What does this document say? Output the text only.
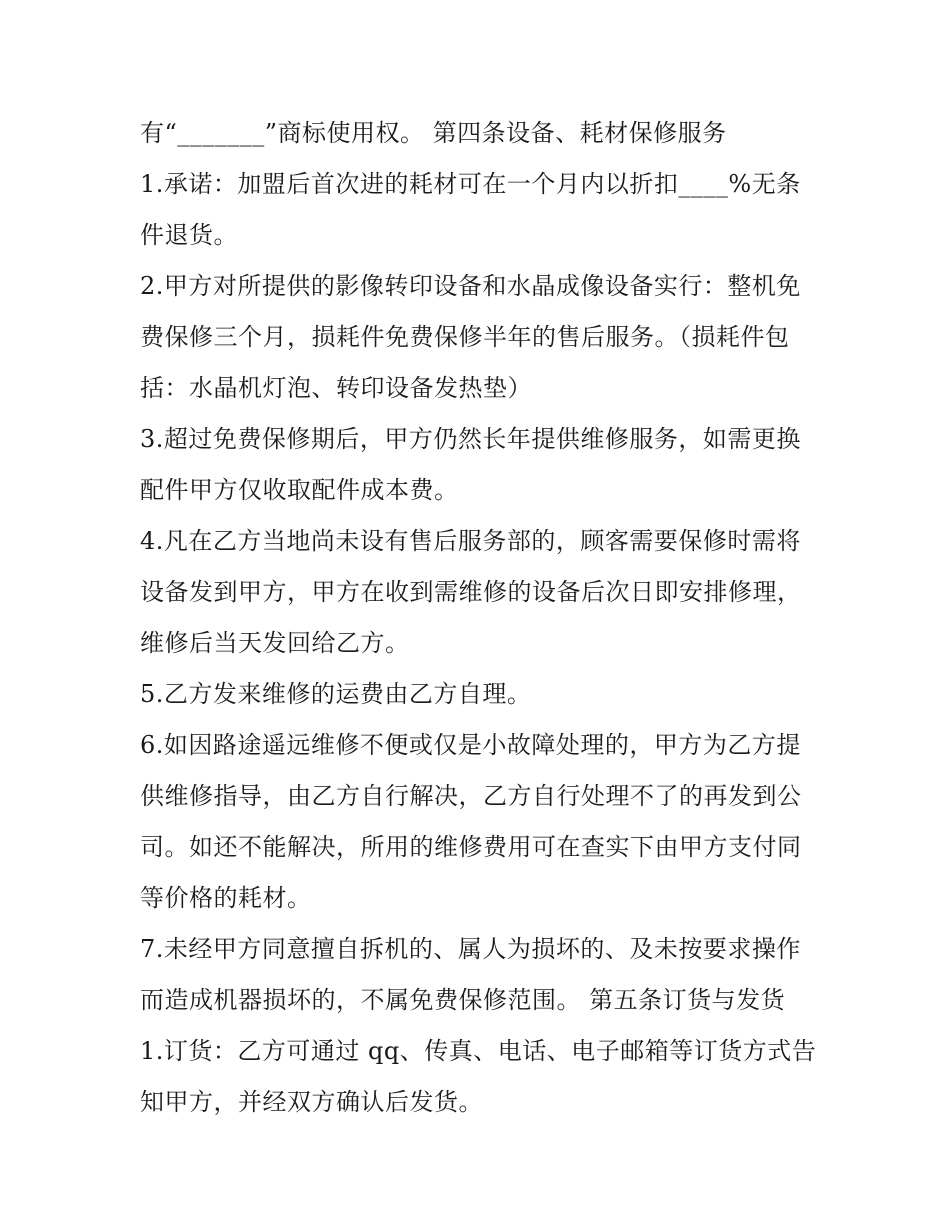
有“_______”商标使用权。 第四条设备、耗材保修服务
1.承诺：加盟后首次进的耗材可在一个月内以折扣____%无条
件退货。
2.甲方对所提供的影像转印设备和水晶成像设备实行：整机免
费保修三个月，损耗件免费保修半年的售后服务。（损耗件包
括：水晶机灯泡、转印设备发热垫）
3.超过免费保修期后，甲方仍然长年提供维修服务，如需更换
配件甲方仅收取配件成本费。
4.凡在乙方当地尚未设有售后服务部的，顾客需要保修时需将
设备发到甲方，甲方在收到需维修的设备后次日即安排修理，
维修后当天发回给乙方。
5.乙方发来维修的运费由乙方自理。
6.如因路途遥远维修不便或仅是小故障处理的，甲方为乙方提
供维修指导，由乙方自行解决，乙方自行处理不了的再发到公
司。如还不能解决，所用的维修费用可在查实下由甲方支付同
等价格的耗材。
7.未经甲方同意擅自拆机的、属人为损坏的、及未按要求操作
而造成机器损坏的，不属免费保修范围。 第五条订货与发货
1.订货：乙方可通过 qq、传真、电话、电子邮箱等订货方式告
知甲方，并经双方确认后发货。
